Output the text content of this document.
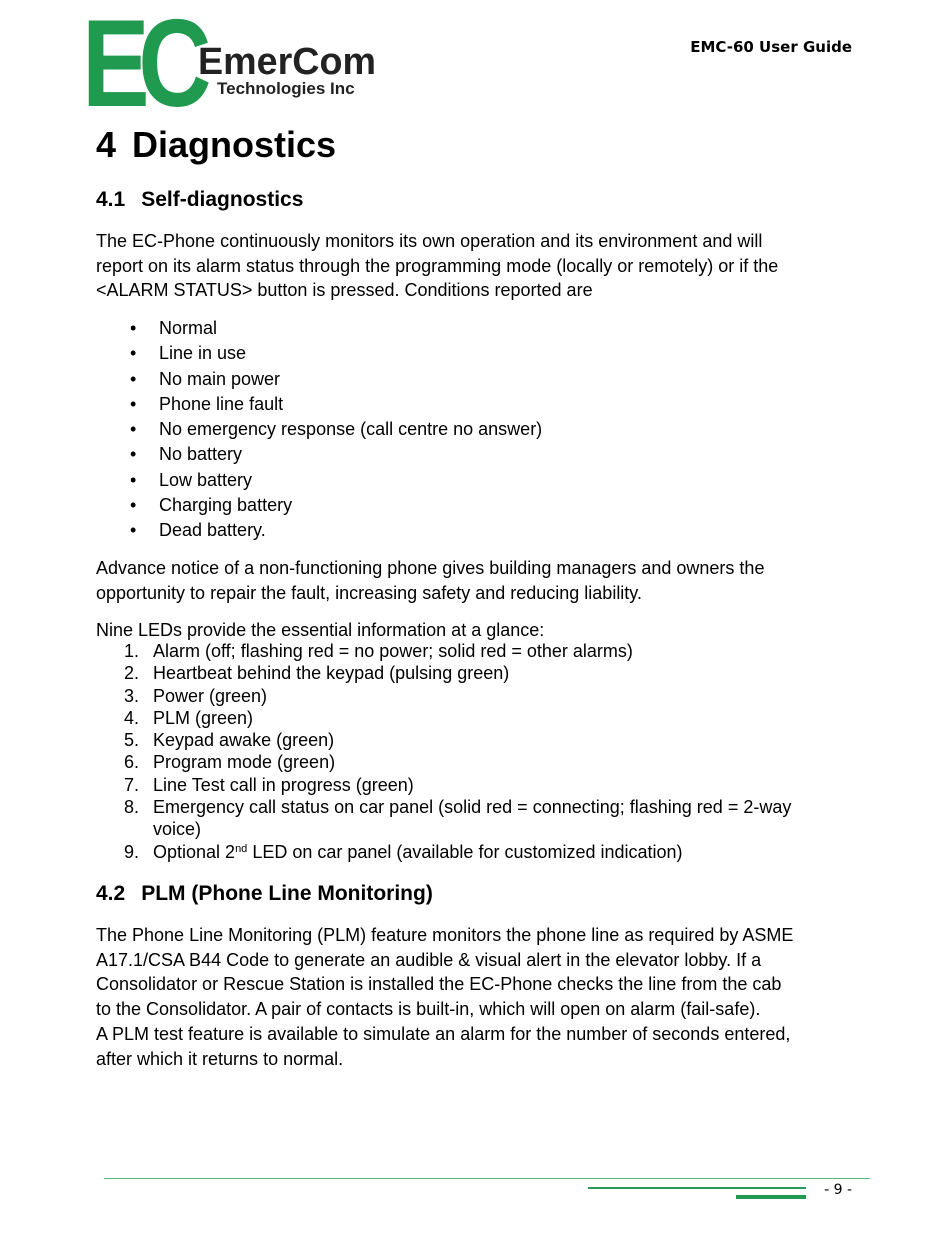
EC
EmerCom
Technologies Inc
EMC-60 User Guide
4 Diagnostics
4.1 Self-diagnostics

The EC-Phone continuously monitors its own operation and its environment and will
report on its alarm status through the programming mode (locally or remotely) or if the
<ALARM STATUS> button is pressed. Conditions reported are

• Normal
• Line in use
• No main power
• Phone line fault
• No emergency response (call centre no answer)
• No battery
• Low battery
• Charging battery
• Dead battery.

Advance notice of a non-functioning phone gives building managers and owners the
opportunity to repair the fault, increasing safety and reducing liability.

Nine LEDs provide the essential information at a glance:

1. Alarm (off; flashing red = no power; solid red = other alarms)
2. Heartbeat behind the keypad (pulsing green)
3. Power (green)
4. PLM (green)
5. Keypad awake (green)
6. Program mode (green)
7. Line Test call in progress (green)
8. Emergency call status on car panel (solid red = connecting; flashing red = 2-way
voice)
9. Optional 2nd LED on car panel (available for customized indication)
4.2 PLM (Phone Line Monitoring)

The Phone Line Monitoring (PLM) feature monitors the phone line as required by ASME
A17.1/CSA B44 Code to generate an audible & visual alert in the elevator lobby. If a
Consolidator or Rescue Station is installed the EC-Phone checks the line from the cab
to the Consolidator. A pair of contacts is built-in, which will open on alarm (fail-safe).
A PLM test feature is available to simulate an alarm for the number of seconds entered,
after which it returns to normal.

- 9 -
